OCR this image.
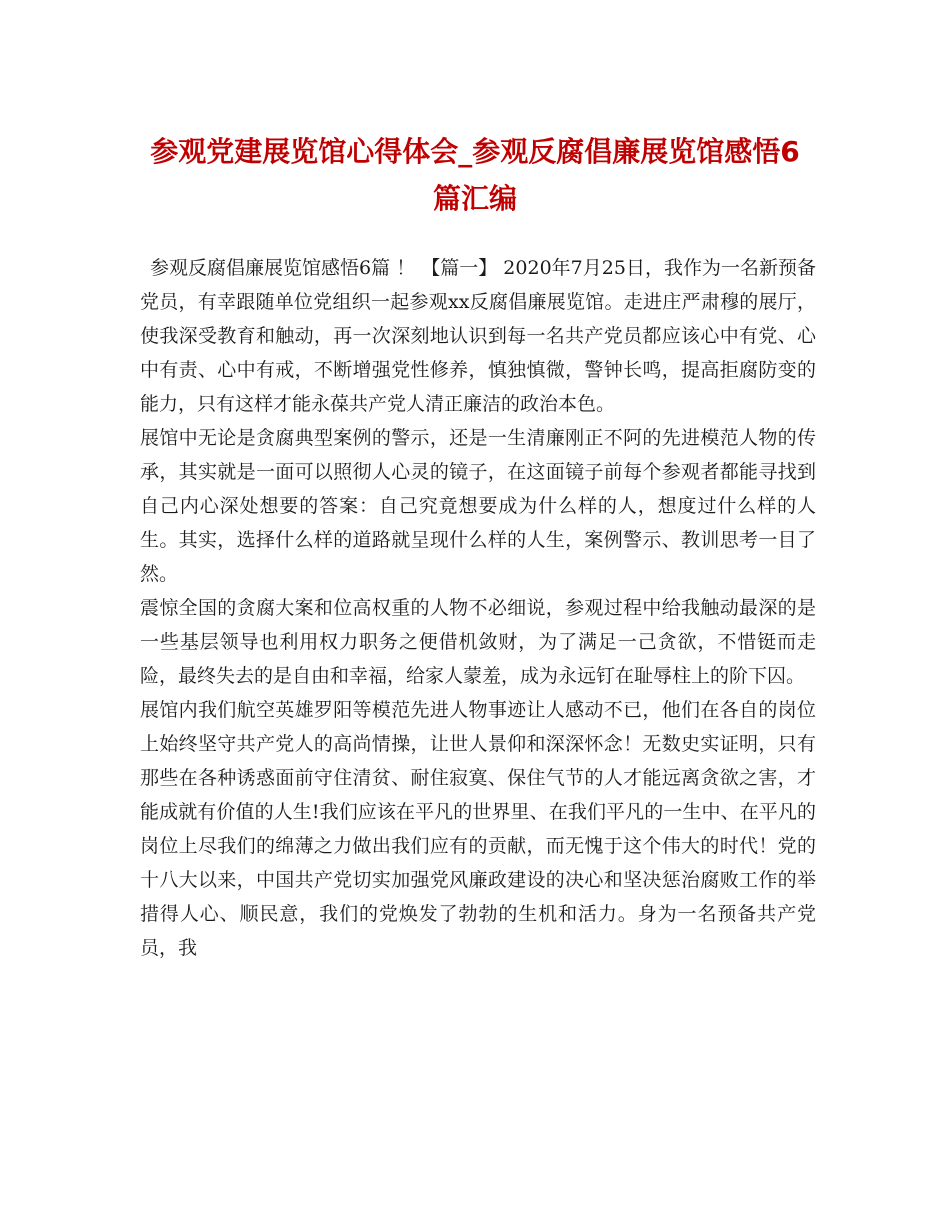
参观党建展览馆心得体会_参观反腐倡廉展览馆感悟6
篇汇编

参观反腐倡廉展览馆感悟6篇 ！ 【篇一】 2020年7月25日，我作为一名新预备党员，有幸跟随单位党组织一起参观xx反腐倡廉展览馆。走进庄严肃穆的展厅，使我深受教育和触动，再一次深刻地认识到每一名共产党员都应该心中有党、心中有责、心中有戒，不断增强党性修养，慎独慎微，警钟长鸣，提高拒腐防变的能力，只有这样才能永葆共产党人清正廉洁的政治本色。

展馆中无论是贪腐典型案例的警示，还是一生清廉刚正不阿的先进模范人物的传承，其实就是一面可以照彻人心灵的镜子，在这面镜子前每个参观者都能寻找到自己内心深处想要的答案：自己究竟想要成为什么样的人，想度过什么样的人生。其实，选择什么样的道路就呈现什么样的人生，案例警示、教训思考一目了然。

震惊全国的贪腐大案和位高权重的人物不必细说，参观过程中给我触动最深的是一些基层领导也利用权力职务之便借机敛财，为了满足一己贪欲，不惜铤而走险，最终失去的是自由和幸福，给家人蒙羞，成为永远钉在耻辱柱上的阶下囚。

展馆内我们航空英雄罗阳等模范先进人物事迹让人感动不已，他们在各自的岗位上始终坚守共产党人的高尚情操，让世人景仰和深深怀念！无数史实证明，只有那些在各种诱惑面前守住清贫、耐住寂寞、保住气节的人才能远离贪欲之害，才能成就有价值的人生!我们应该在平凡的世界里、在我们平凡的一生中、在平凡的岗位上尽我们的绵薄之力做出我们应有的贡献，而无愧于这个伟大的时代！党的十八大以来，中国共产党切实加强党风廉政建设的决心和坚决惩治腐败工作的举措得人心、顺民意，我们的党焕发了勃勃的生机和活力。身为一名预备共产党员，我
